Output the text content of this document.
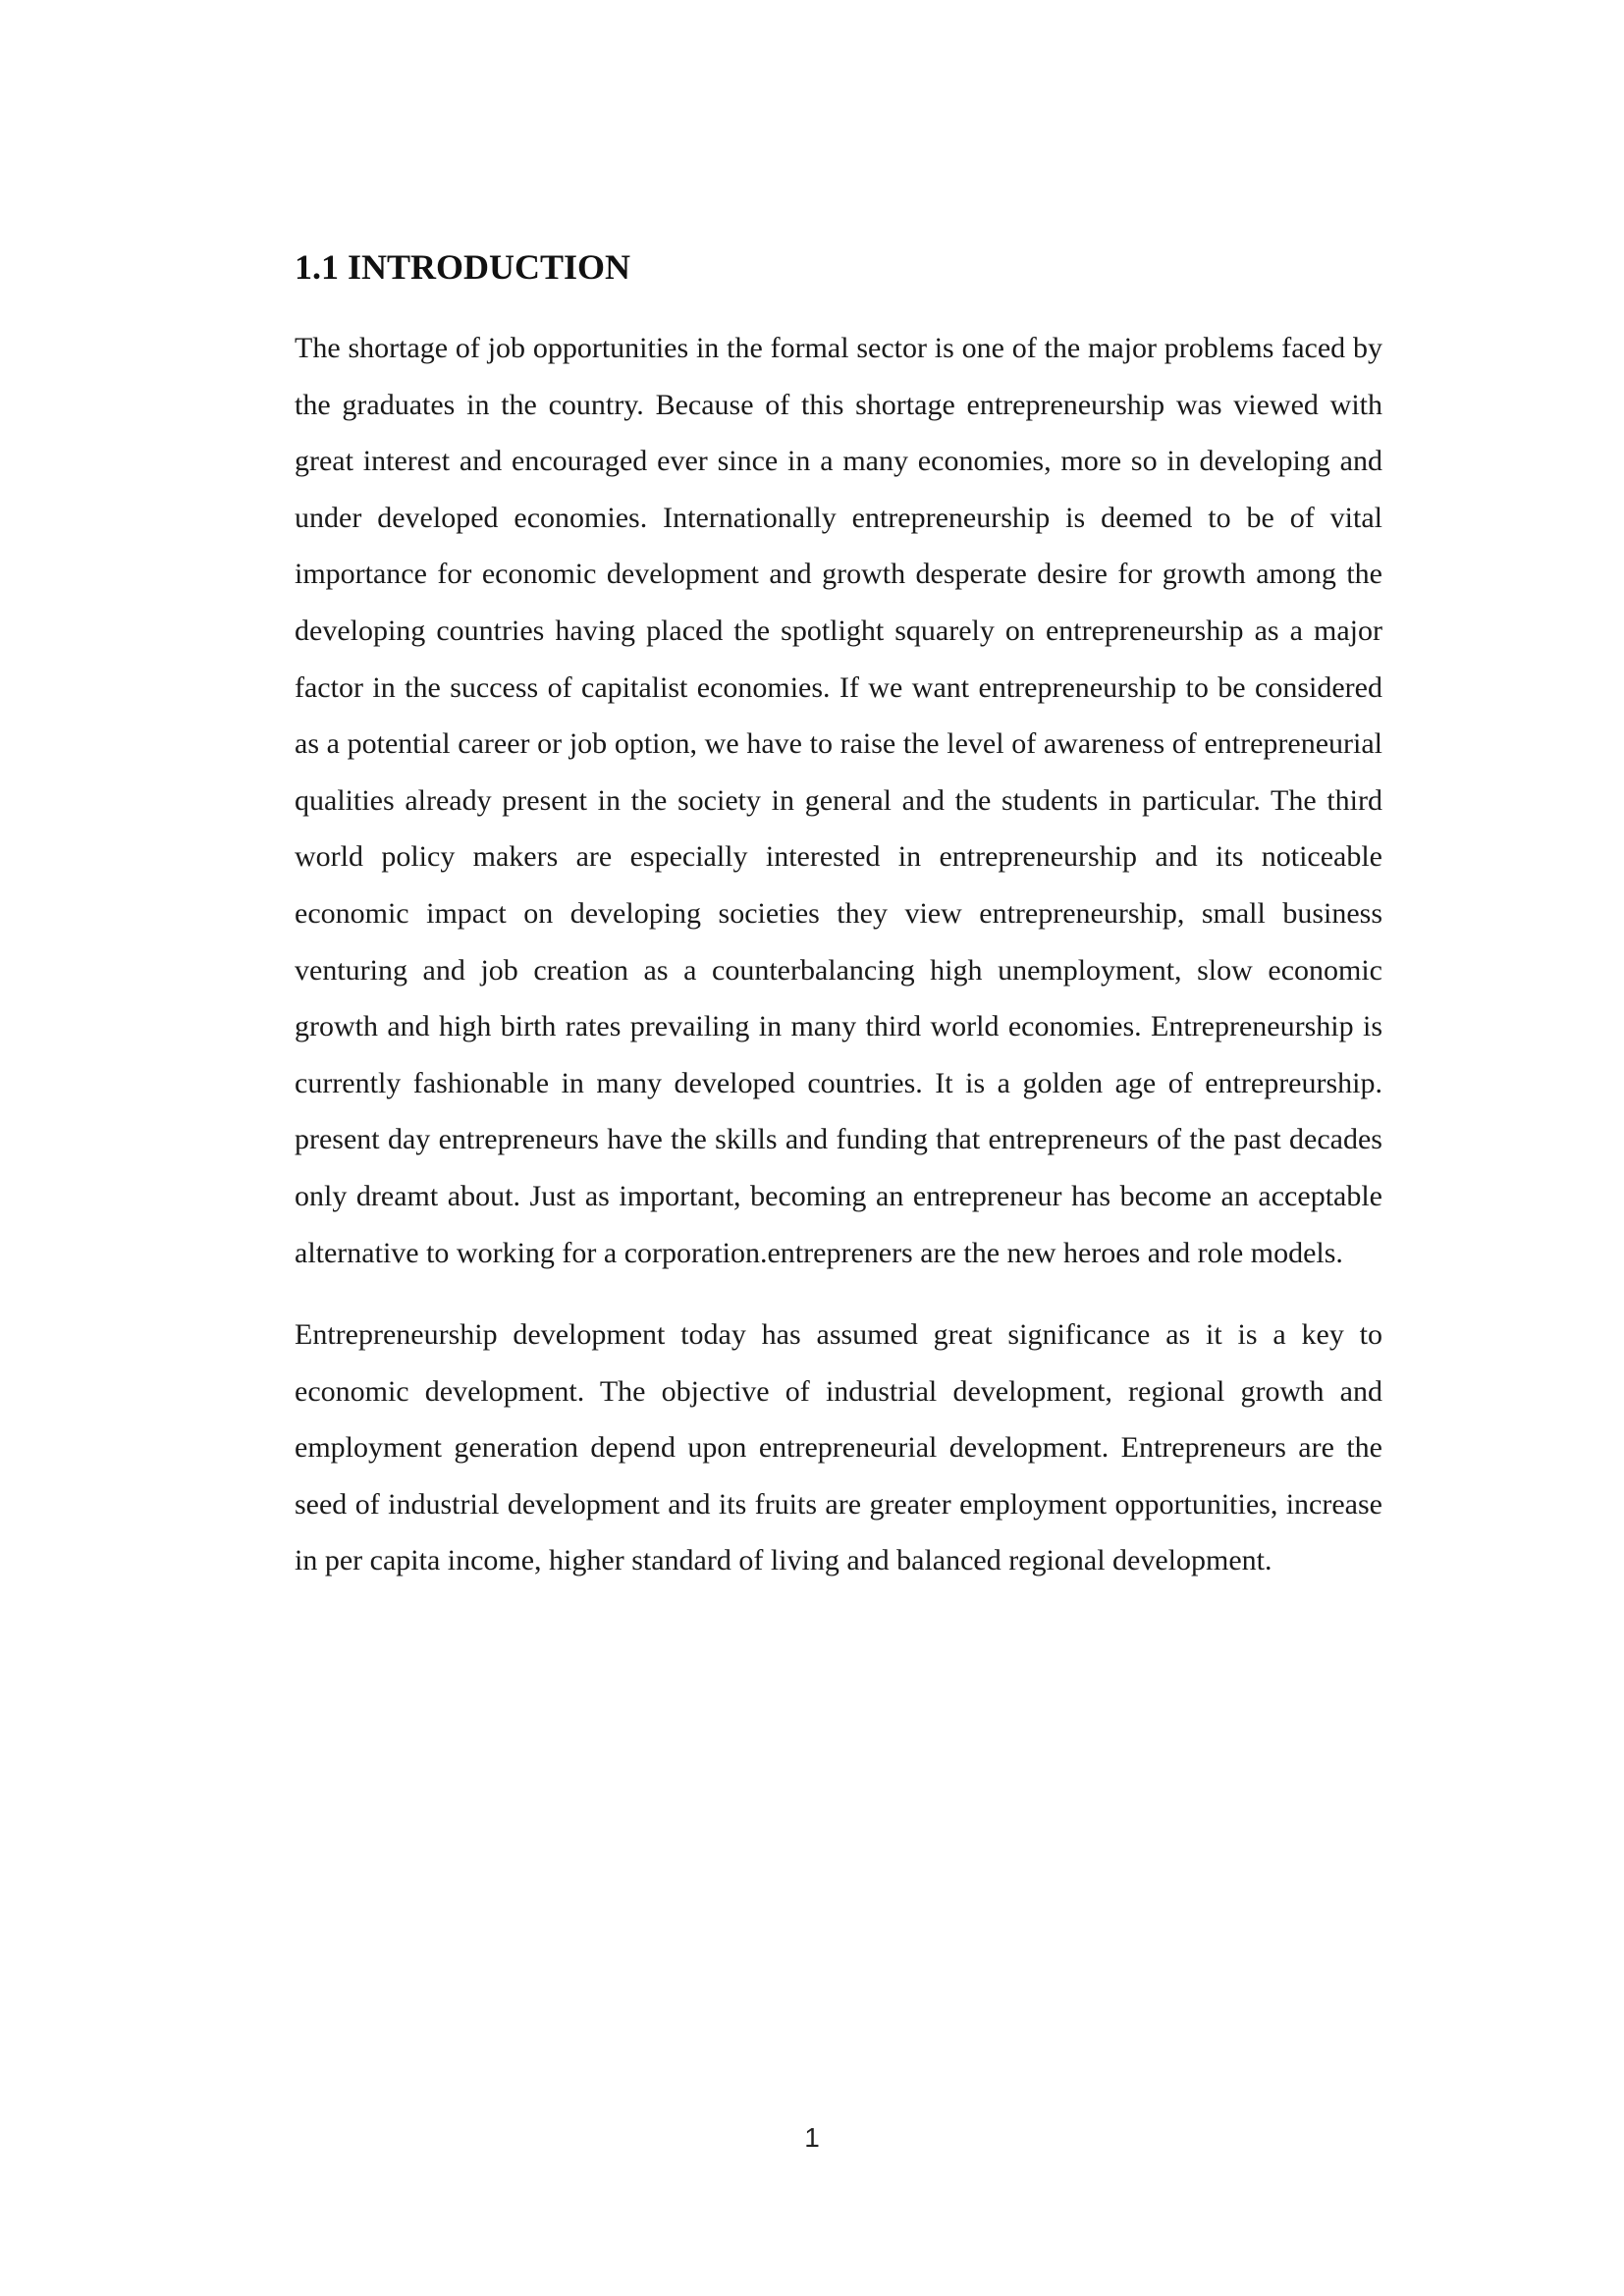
1.1 INTRODUCTION

The shortage of job opportunities in the formal sector is one of the major problems faced by the graduates in the country. Because of this shortage entrepreneurship was viewed with great interest and encouraged ever since in a many economies, more so in developing and under developed economies. Internationally entrepreneurship is deemed to be of vital importance for economic development and growth desperate desire for growth among the developing countries having placed the spotlight squarely on entrepreneurship as a major factor in the success of capitalist economies. If we want entrepreneurship to be considered as a potential career or job option, we have to raise the level of awareness of entrepreneurial qualities already present in the society in general and the students in particular. The third world policy makers are especially interested in entrepreneurship and its noticeable economic impact on developing societies they view entrepreneurship, small business venturing and job creation as a counterbalancing high unemployment, slow economic growth and high birth rates prevailing in many third world economies. Entrepreneurship is currently fashionable in many developed countries. It is a golden age of entrepreurship. present day entrepreneurs have the skills and funding that entrepreneurs of the past decades only dreamt about. Just as important, becoming an entrepreneur has become an acceptable alternative to working for a corporation.entrepreners are the new heroes and role models.

Entrepreneurship development today has assumed great significance as it is a key to economic development. The objective of industrial development, regional growth and employment generation depend upon entrepreneurial development. Entrepreneurs are the seed of industrial development and its fruits are greater employment opportunities, increase in per capita income, higher standard of living and balanced regional development.

1
